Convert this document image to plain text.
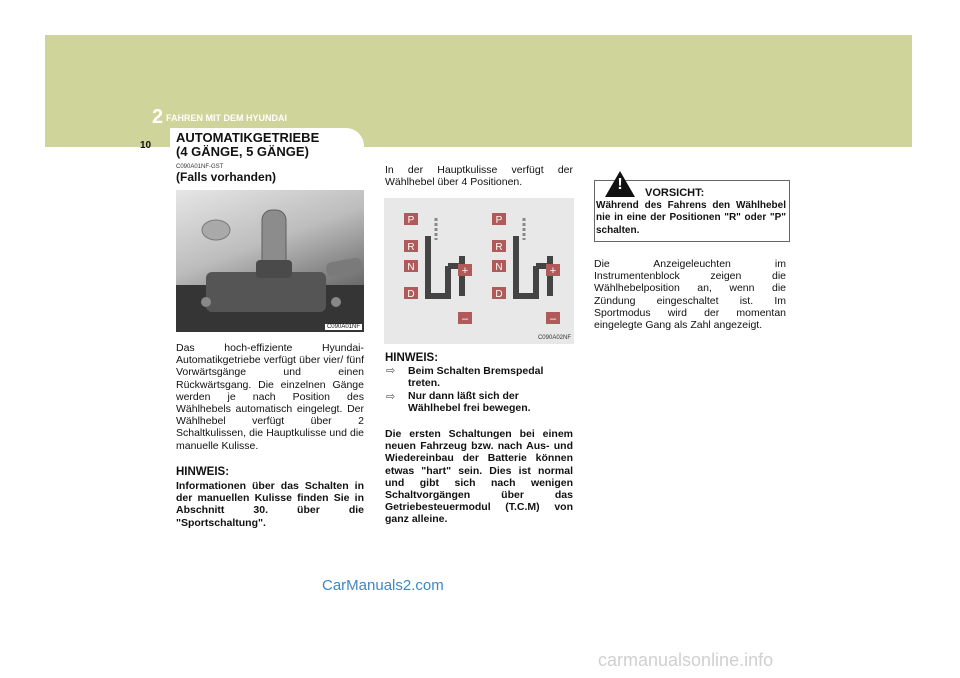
2 FAHREN MIT DEM HYUNDAI
10
AUTOMATIKGETRIEBE
(4 GÄNGE, 5 GÄNGE)
C090A01NF-GST
(Falls vorhanden)
C090A01NF
Das hoch-effiziente Hyundai-Automatikgetriebe verfügt über vier/ fünf Vorwärtsgänge und einen Rückwärtsgang. Die einzelnen Gänge werden je nach Position des Wählhebels automatisch eingelegt. Der Wählhebel verfügt über 2 Schaltkulissen, die Hauptkulisse und die manuelle Kulisse.
HINWEIS:
Informationen über das Schalten in der manuellen Kulisse finden Sie in Abschnitt 30. über die "Sportschaltung".
In der Hauptkulisse verfügt der Wählhebel über 4 Positionen.
P
R
N
D
+
–
P
R
N
D
+
–
C090A02NF
HINWEIS:
⇨ Beim Schalten Bremspedal treten.
⇨ Nur dann läßt sich der Wählhebel frei bewegen.
Die ersten Schaltungen bei einem neuen Fahrzeug bzw. nach Aus- und Wiedereinbau der Batterie können etwas "hart" sein. Dies ist normal und gibt sich nach wenigen Schaltvorgängen über das Getriebesteuermodul (T.C.M) von ganz alleine.
! VORSICHT:
Während des Fahrens den Wählhebel nie in eine der Positionen "R" oder "P" schalten.
Die Anzeigeleuchten im Instrumentenblock zeigen die Wählhebelposition an, wenn die Zündung eingeschaltet ist. Im Sportmodus wird der momentan eingelegte Gang als Zahl angezeigt.
CarManuals2.com
carmanualsonline.info
